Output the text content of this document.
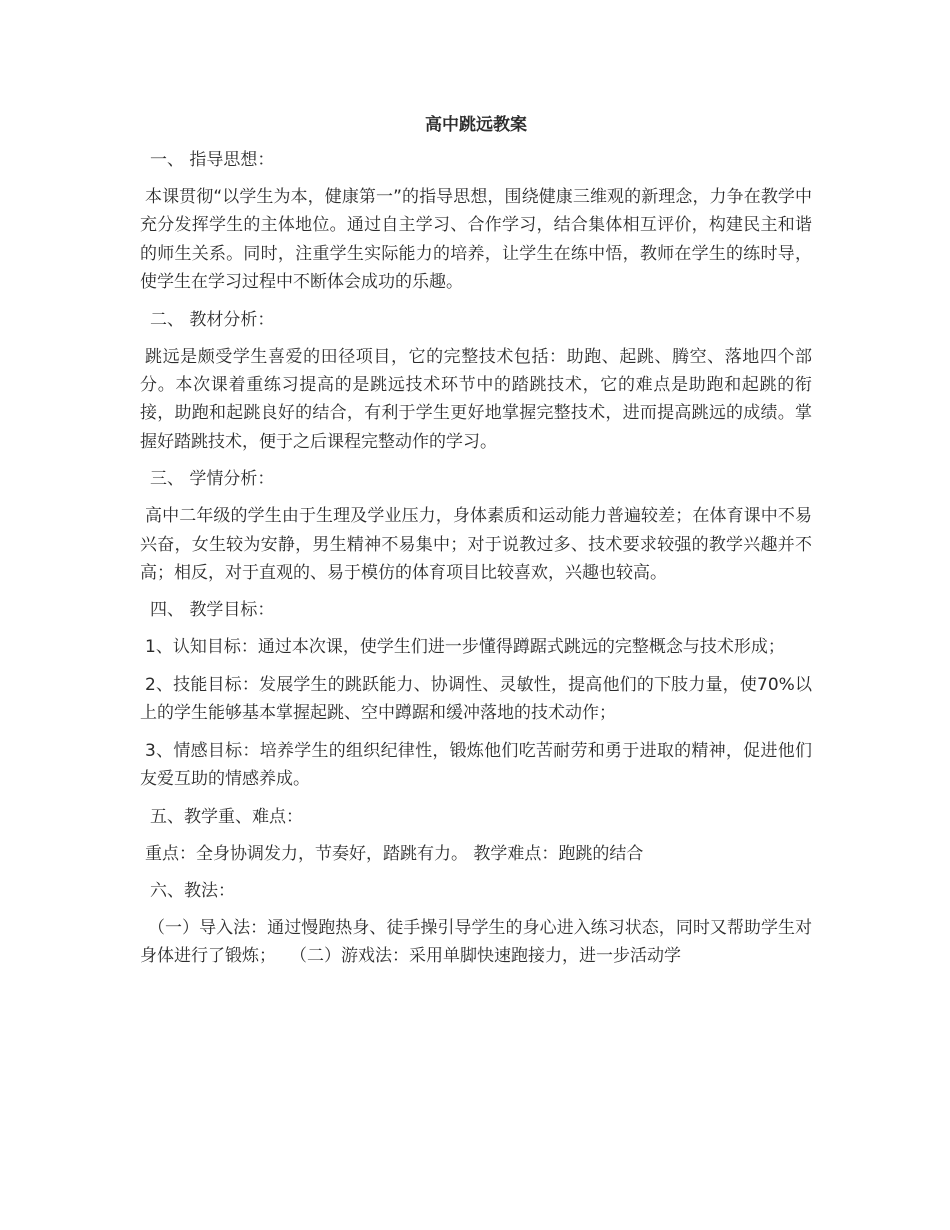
高中跳远教案
一、 指导思想：
本课贯彻“以学生为本，健康第一”的指导思想，围绕健康三维观的新理念，力争在教学中充分发挥学生的主体地位。通过自主学习、合作学习，结合集体相互评价，构建民主和谐的师生关系。同时，注重学生实际能力的培养，让学生在练中悟，教师在学生的练时导，使学生在学习过程中不断体会成功的乐趣。
二、 教材分析：
跳远是颇受学生喜爱的田径项目，它的完整技术包括：助跑、起跳、腾空、落地四个部分。本次课着重练习提高的是跳远技术环节中的踏跳技术，它的难点是助跑和起跳的衔接，助跑和起跳良好的结合，有利于学生更好地掌握完整技术，进而提高跳远的成绩。掌握好踏跳技术，便于之后课程完整动作的学习。
三、 学情分析：
高中二年级的学生由于生理及学业压力，身体素质和运动能力普遍较差；在体育课中不易兴奋，女生较为安静，男生精神不易集中；对于说教过多、技术要求较强的教学兴趣并不高；相反，对于直观的、易于模仿的体育项目比较喜欢，兴趣也较高。
四、 教学目标：
1、认知目标：通过本次课，使学生们进一步懂得蹲踞式跳远的完整概念与技术形成；
2、技能目标：发展学生的跳跃能力、协调性、灵敏性，提高他们的下肢力量，使70%以上的学生能够基本掌握起跳、空中蹲踞和缓冲落地的技术动作；
3、情感目标：培养学生的组织纪律性，锻炼他们吃苦耐劳和勇于进取的精神，促进他们友爱互助的情感养成。
五、教学重、难点：
重点：全身协调发力，节奏好，踏跳有力。 教学难点：跑跳的结合
六、教法：
（一）导入法：通过慢跑热身、徒手操引导学生的身心进入练习状态，同时又帮助学生对身体进行了锻炼； （二）游戏法：采用单脚快速跑接力，进一步活动学
